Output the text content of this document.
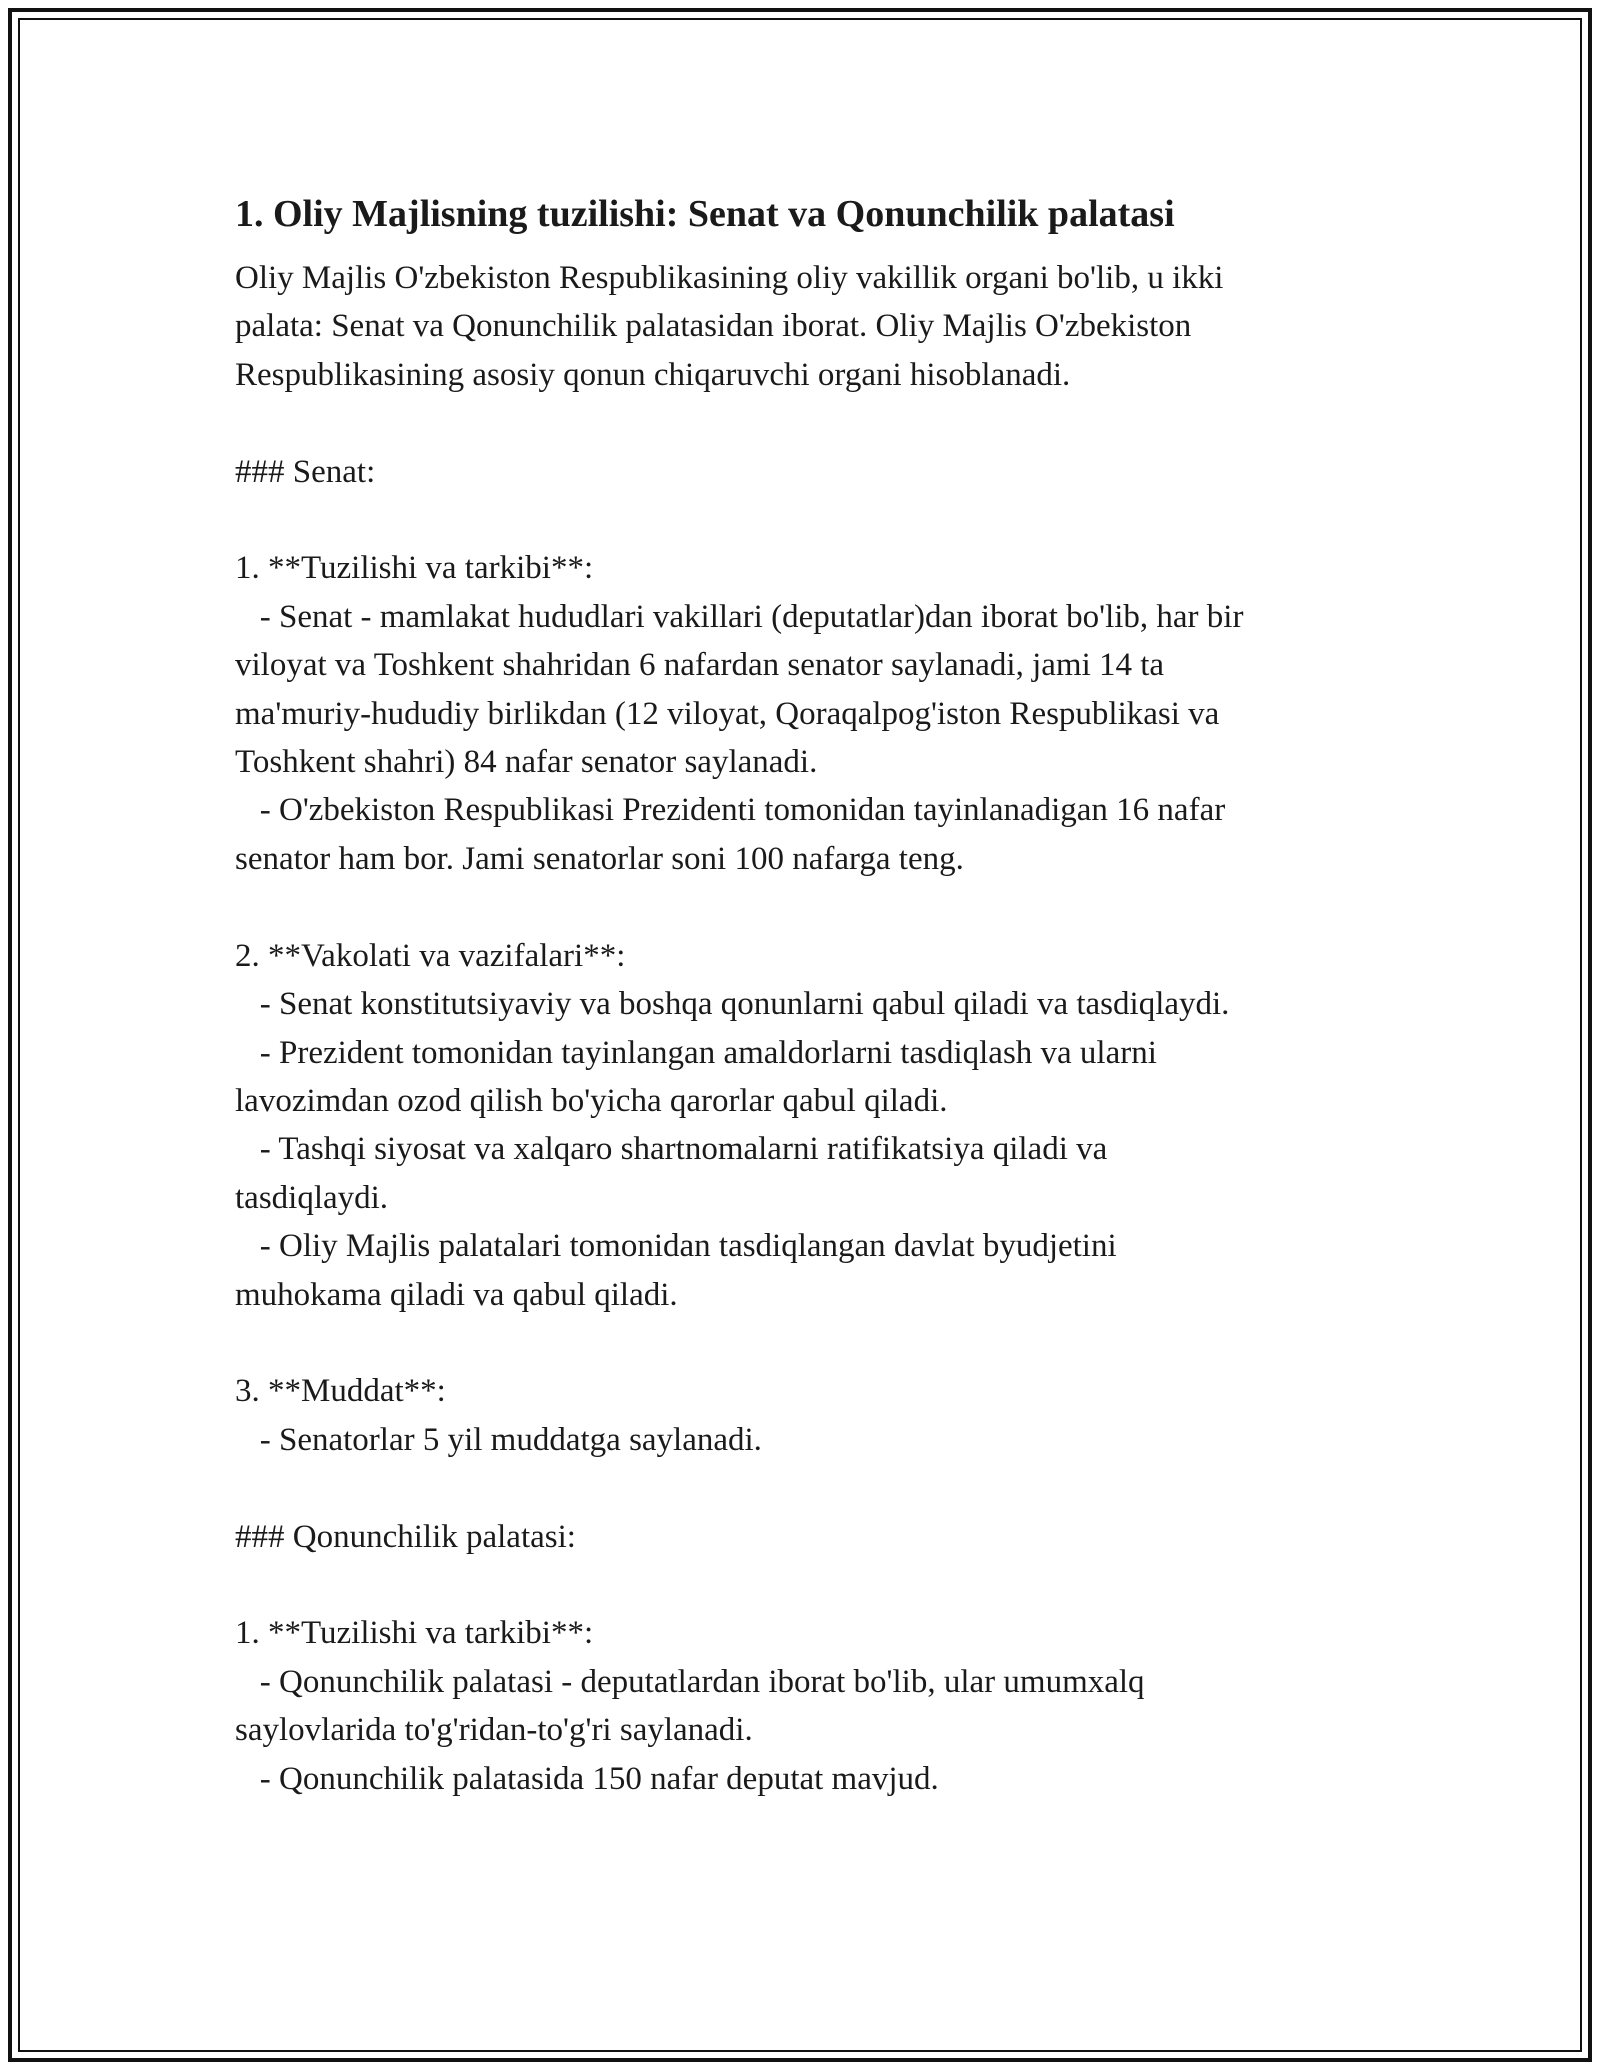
1. Oliy Majlisning tuzilishi: Senat va Qonunchilik palatasi
Oliy Majlis O'zbekiston Respublikasining oliy vakillik organi bo'lib, u ikki
palata: Senat va Qonunchilik palatasidan iborat. Oliy Majlis O'zbekiston
Respublikasining asosiy qonun chiqaruvchi organi hisoblanadi.

### Senat:

1. **Tuzilishi va tarkibi**:
- Senat - mamlakat hududlari vakillari (deputatlar)dan iborat bo'lib, har bir
viloyat va Toshkent shahridan 6 nafardan senator saylanadi, jami 14 ta
ma'muriy-hududiy birlikdan (12 viloyat, Qoraqalpog'iston Respublikasi va
Toshkent shahri) 84 nafar senator saylanadi.
- O'zbekiston Respublikasi Prezidenti tomonidan tayinlanadigan 16 nafar
senator ham bor. Jami senatorlar soni 100 nafarga teng.

2. **Vakolati va vazifalari**:
- Senat konstitutsiyaviy va boshqa qonunlarni qabul qiladi va tasdiqlaydi.
- Prezident tomonidan tayinlangan amaldorlarni tasdiqlash va ularni
lavozimdan ozod qilish bo'yicha qarorlar qabul qiladi.
- Tashqi siyosat va xalqaro shartnomalarni ratifikatsiya qiladi va
tasdiqlaydi.
- Oliy Majlis palatalari tomonidan tasdiqlangan davlat byudjetini
muhokama qiladi va qabul qiladi.

3. **Muddat**:
- Senatorlar 5 yil muddatga saylanadi.

### Qonunchilik palatasi:

1. **Tuzilishi va tarkibi**:
- Qonunchilik palatasi - deputatlardan iborat bo'lib, ular umumxalq
saylovlarida to'g'ridan-to'g'ri saylanadi.
- Qonunchilik palatasida 150 nafar deputat mavjud.
